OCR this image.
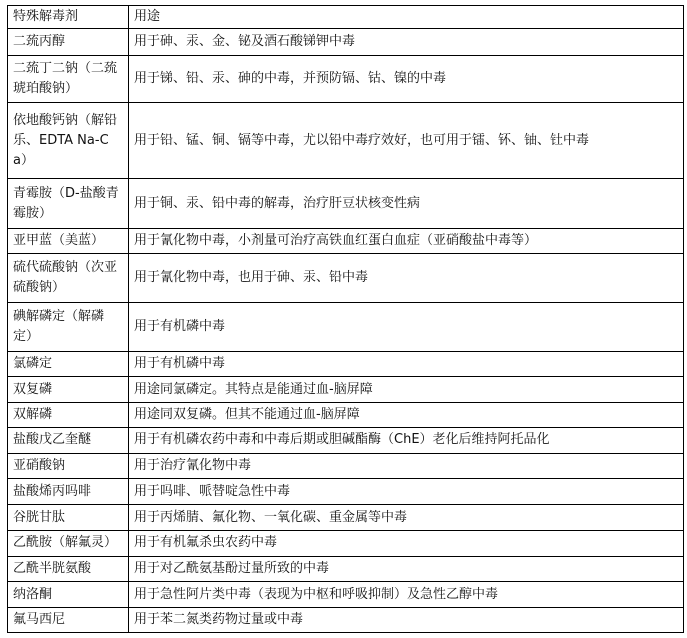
特殊解毒剂	用途
二巯丙醇	用于砷、汞、金、铋及酒石酸锑钾中毒
二巯丁二钠（二巯琥珀酸钠）	用于锑、铅、汞、砷的中毒，并预防镉、钴、镍的中毒
依地酸钙钠（解铅乐、EDTA Na-Ca）	用于铅、锰、铜、镉等中毒，尤以铅中毒疗效好，也可用于镭、钚、铀、钍中毒
青霉胺（D-盐酸青霉胺）	用于铜、汞、铅中毒的解毒，治疗肝豆状核变性病
亚甲蓝（美蓝）	用于氰化物中毒，小剂量可治疗高铁血红蛋白血症（亚硝酸盐中毒等）
硫代硫酸钠（次亚硫酸钠）	用于氰化物中毒，也用于砷、汞、铅中毒
碘解磷定（解磷定）	用于有机磷中毒
氯磷定	用于有机磷中毒
双复磷	用途同氯磷定。其特点是能通过血-脑屏障
双解磷	用途同双复磷。但其不能通过血-脑屏障
盐酸戊乙奎醚	用于有机磷农药中毒和中毒后期或胆碱酯酶（ChE）老化后维持阿托品化
亚硝酸钠	用于治疗氰化物中毒
盐酸烯丙吗啡	用于吗啡、哌替啶急性中毒
谷胱甘肽	用于丙烯腈、氟化物、一氧化碳、重金属等中毒
乙酰胺（解氟灵）	用于有机氟杀虫农药中毒
乙酰半胱氨酸	用于对乙酰氨基酚过量所致的中毒
纳洛酮	用于急性阿片类中毒（表现为中枢和呼吸抑制）及急性乙醇中毒
氟马西尼	用于苯二氮类药物过量或中毒
